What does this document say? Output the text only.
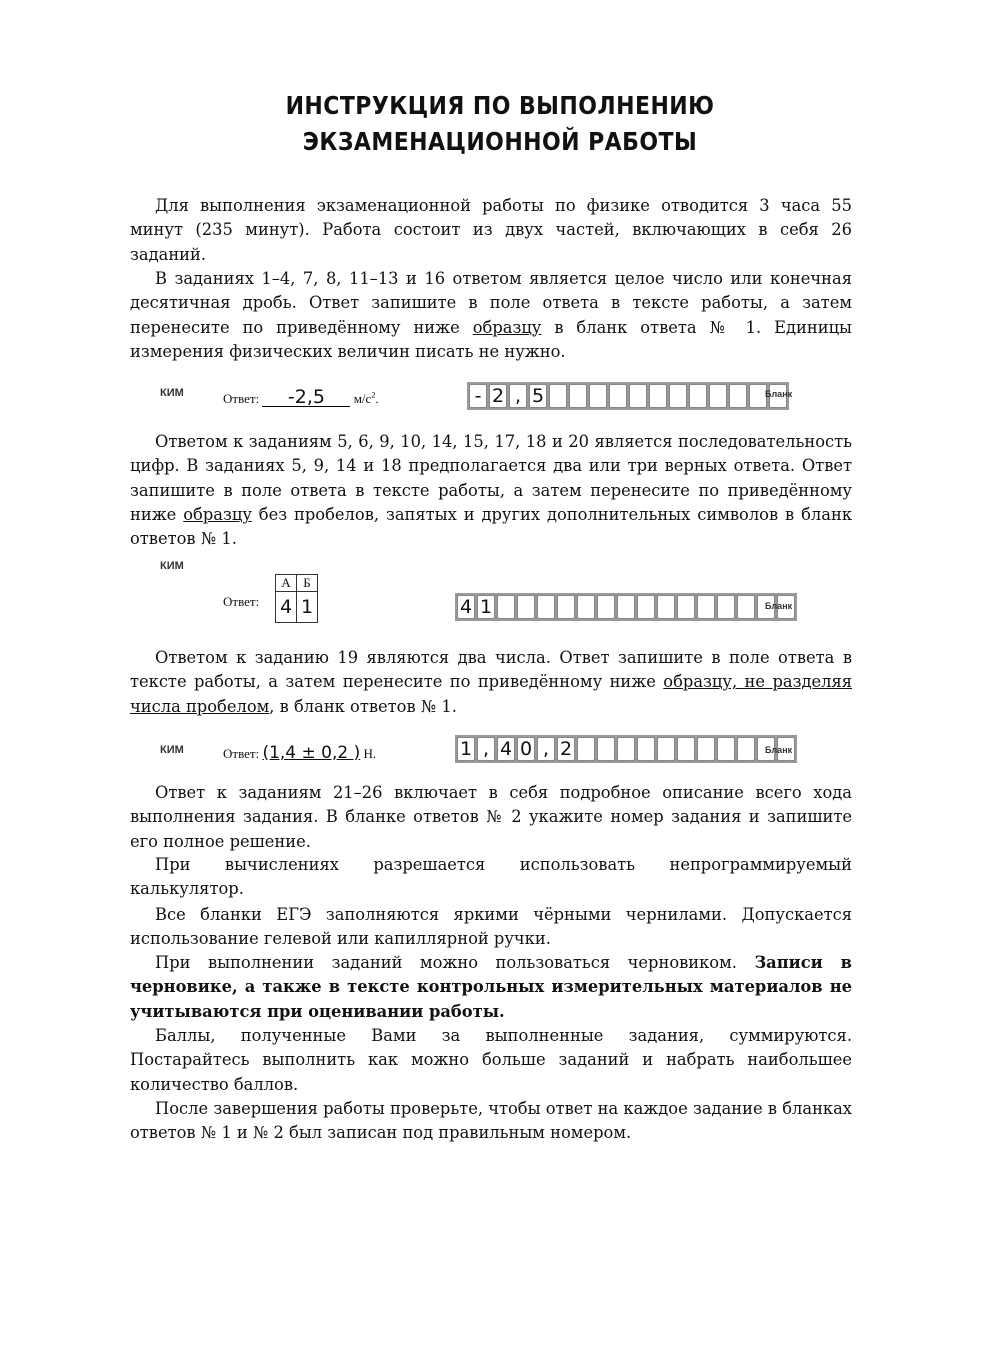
ИНСТРУКЦИЯ ПО ВЫПОЛНЕНИЮ
ЭКЗАМЕНАЦИОННОЙ РАБОТЫ

Для выполнения экзаменационной работы по физике отводится 3 часа 55 минут (235 минут). Работа состоит из двух частей, включающих в себя 26 заданий.

В заданиях 1–4, 7, 8, 11–13 и 16 ответом является целое число или конечная десятичная дробь. Ответ запишите в поле ответа в тексте работы, а затем перенесите по приведённому ниже образцу в бланк ответа № 1. Единицы измерения физических величин писать не нужно.

КИМ	Ответ: -2,5 $м/с^2$.	- 2 , 5	Бланк

Ответом к заданиям 5, 6, 9, 10, 14, 15, 17, 18 и 20 является последовательность цифр. В заданиях 5, 9, 14 и 18 предполагается два или три верных ответа. Ответ запишите в поле ответа в тексте работы, а затем перенесите по приведённому ниже образцу без пробелов, запятых и других дополнительных символов в бланк ответов № 1.

КИМ
Ответ:
А	Б
4	1	4 1	Бланк

Ответом к заданию 19 являются два числа. Ответ запишите в поле ответа в тексте работы, а затем перенесите по приведённому ниже образцу, не разделяя числа пробелом, в бланк ответов № 1.

КИМ	Ответ: (1,4 ± 0,2 ) Н.	1 , 4 0 , 2	Бланк

Ответ к заданиям 21–26 включает в себя подробное описание всего хода выполнения задания. В бланке ответов № 2 укажите номер задания и запишите его полное решение.

При вычислениях разрешается использовать непрограммируемый калькулятор.

Все бланки ЕГЭ заполняются яркими чёрными чернилами. Допускается использование гелевой или капиллярной ручки.

При выполнении заданий можно пользоваться черновиком. Записи в черновике, а также в тексте контрольных измерительных материалов не учитываются при оценивании работы.

Баллы, полученные Вами за выполненные задания, суммируются. Постарайтесь выполнить как можно больше заданий и набрать наибольшее количество баллов.

После завершения работы проверьте, чтобы ответ на каждое задание в бланках ответов № 1 и № 2 был записан под правильным номером.
